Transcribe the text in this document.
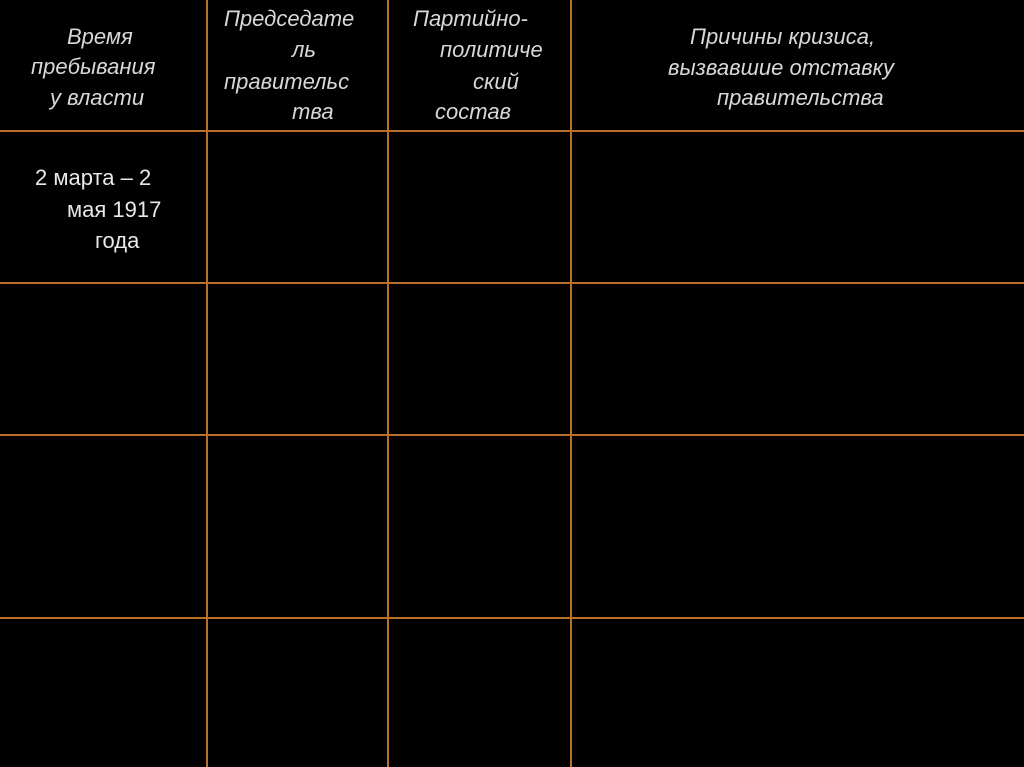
Время
пребывания
у власти
Председате
ль
правительс
тва
Партийно-
политиче
ский
состав
Причины кризиса,
вызвавшие отставку
правительства
2 марта – 2
мая 1917
года
